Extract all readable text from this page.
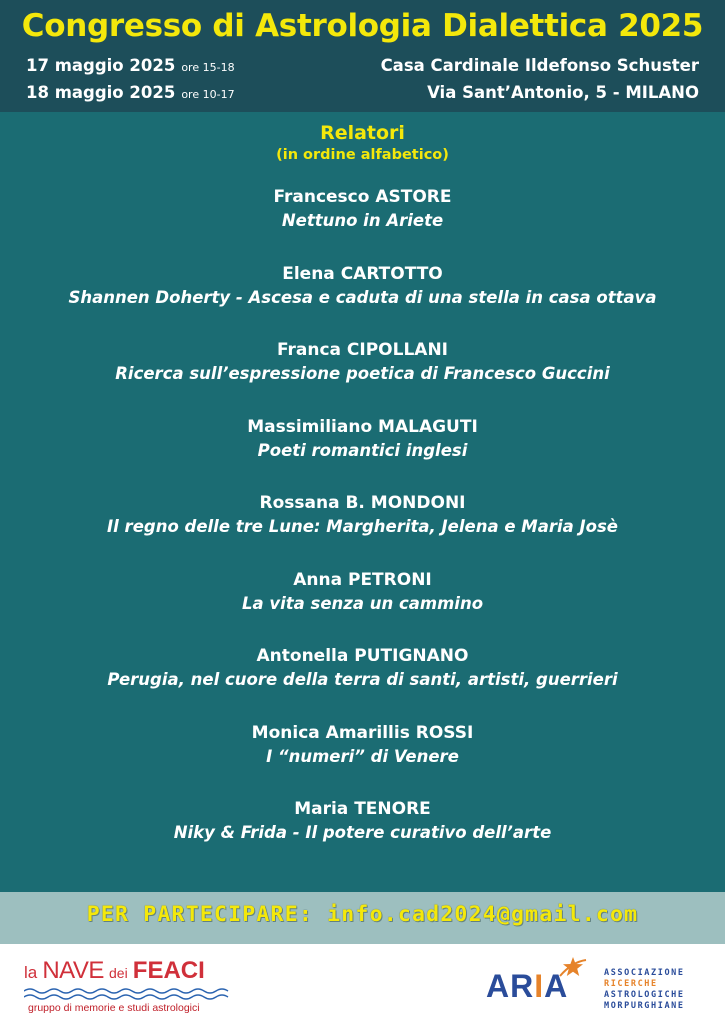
Congresso di Astrologia Dialettica 2025
17 maggio 2025 ore 15-18
18 maggio 2025 ore 10-17
Casa Cardinale Ildefonso Schuster
Via Sant’Antonio, 5 - MILANO
Relatori
(in ordine alfabetico)
Francesco ASTORE
Nettuno in Ariete
Elena CARTOTTO
Shannen Doherty - Ascesa e caduta di una stella in casa ottava
Franca CIPOLLANI
Ricerca sull’espressione poetica di Francesco Guccini
Massimiliano MALAGUTI
Poeti romantici inglesi
Rossana B. MONDONI
Il regno delle tre Lune: Margherita, Jelena e Maria Josè
Anna PETRONI
La vita senza un cammino
Antonella PUTIGNANO
Perugia, nel cuore della terra di santi, artisti, guerrieri
Monica Amarillis ROSSI
I “numeri” di Venere
Maria TENORE
Niky & Frida - Il potere curativo dell’arte
PER PARTECIPARE: info.cad2024@gmail.com
la NAVE dei FEACI
gruppo di memorie e studi astrologici
ARIA	ASSOCIAZIONE
RICERCHE
ASTROLOGICHE
MORPURGHIANE
